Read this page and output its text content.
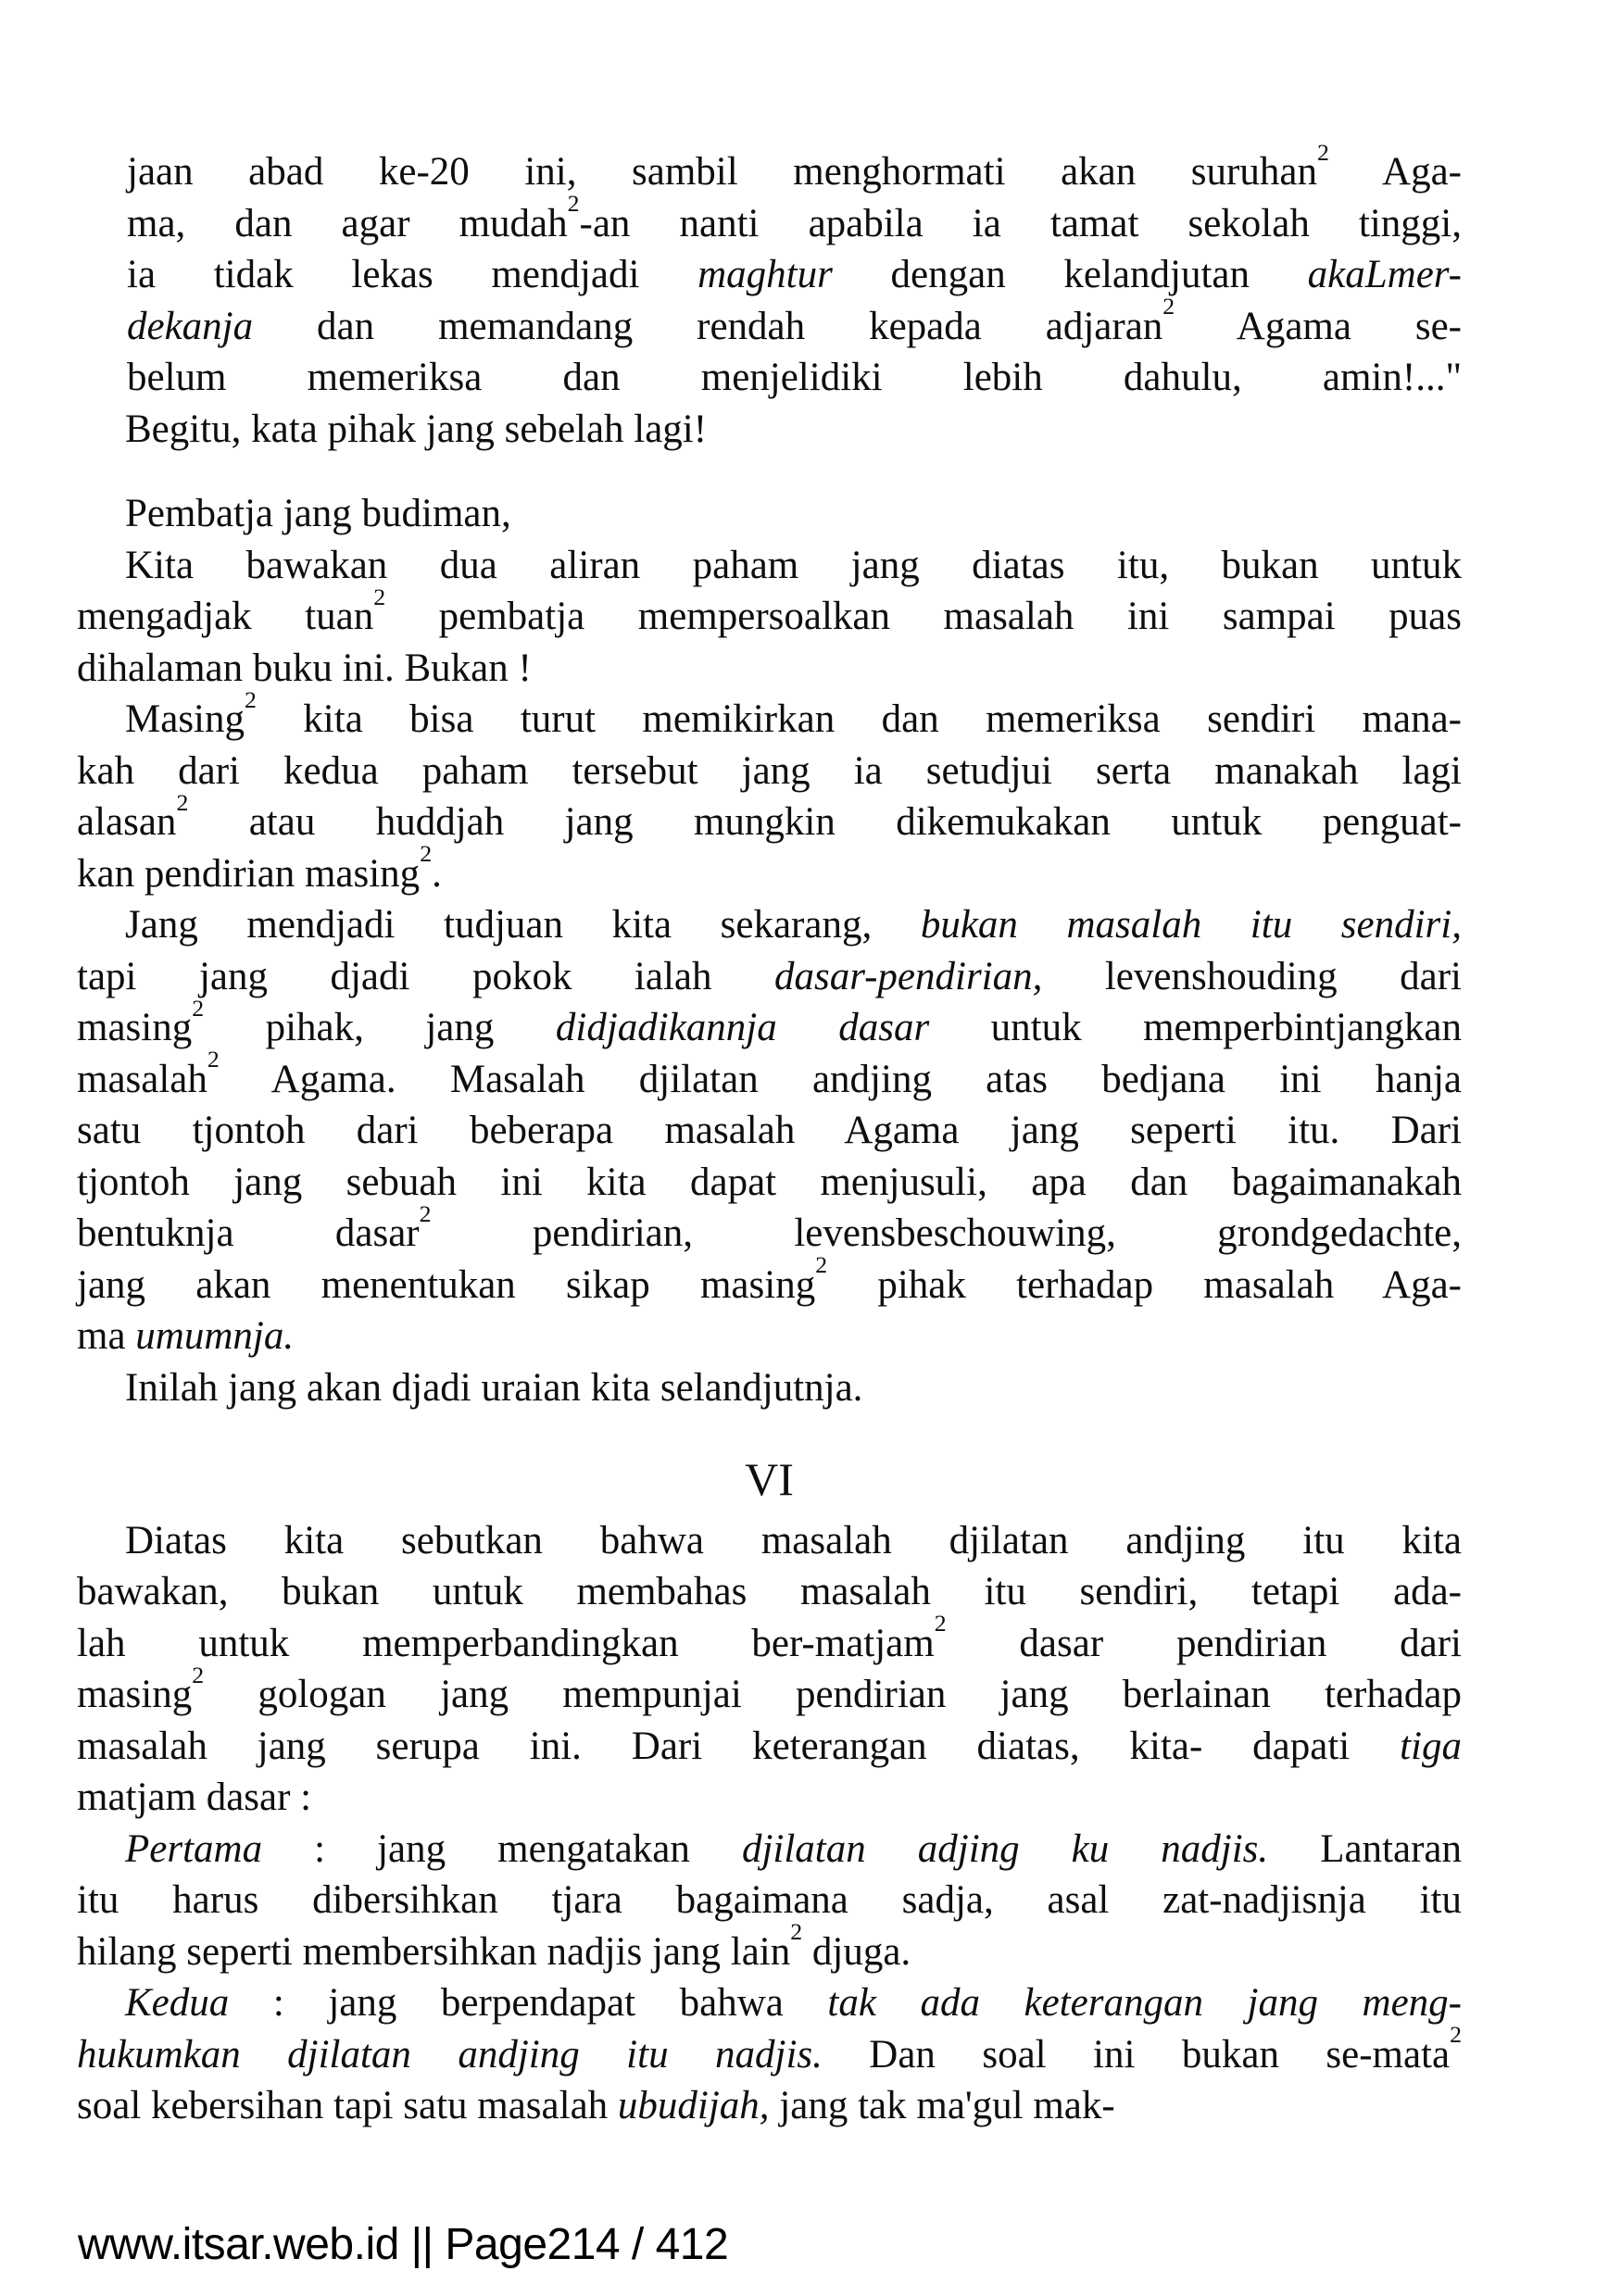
jaan abad ke-20 ini, sambil menghormati akan suruhan$^2$ Aga-
ma, dan agar mudah$^2$-an nanti apabila ia tamat sekolah tinggi,
ia tidak lekas mendjadi maghtur dengan kelandjutan akaLmer-
dekanja dan memandang rendah kepada adjaran$^2$ Agama se-
belum memeriksa dan menjelidiki lebih dahulu, amin!..."
Begitu, kata pihak jang sebelah lagi!
Pembatja jang budiman,
Kita bawakan dua aliran paham jang diatas itu, bukan untuk
mengadjak tuan$^2$ pembatja mempersoalkan masalah ini sampai puas
dihalaman buku ini. Bukan !
Masing$^2$ kita bisa turut memikirkan dan memeriksa sendiri mana-
kah dari kedua paham tersebut jang ia setudjui serta manakah lagi
alasan$^2$ atau huddjah jang mungkin dikemukakan untuk penguat-
kan pendirian masing$^2$.
Jang mendjadi tudjuan kita sekarang, bukan masalah itu sendiri,
tapi jang djadi pokok ialah dasar-pendirian, levenshouding dari
masing$^2$ pihak, jang didjadikannja dasar untuk memperbintjangkan
masalah$^2$ Agama. Masalah djilatan andjing atas bedjana ini hanja
satu tjontoh dari beberapa masalah Agama jang seperti itu. Dari
tjontoh jang sebuah ini kita dapat menjusuli, apa dan bagaimanakah
bentuknja dasar$^2$ pendirian, levensbeschouwing, grondgedachte,
jang akan menentukan sikap masing$^2$ pihak terhadap masalah Aga-
ma umumnja.
Inilah jang akan djadi uraian kita selandjutnja.
VI
Diatas kita sebutkan bahwa masalah djilatan andjing itu kita
bawakan, bukan untuk membahas masalah itu sendiri, tetapi ada-
lah untuk memperbandingkan ber-matjam$^2$ dasar pendirian dari
masing$^2$ gologan jang mempunjai pendirian jang berlainan terhadap
masalah jang serupa ini. Dari keterangan diatas, kita- dapati tiga
matjam dasar :
Pertama : jang mengatakan djilatan adjing ku nadjis. Lantaran
itu harus dibersihkan tjara bagaimana sadja, asal zat-nadjisnja itu
hilang seperti membersihkan nadjis jang lain$^2$ djuga.
Kedua : jang berpendapat bahwa tak ada keterangan jang meng-
hukumkan djilatan andjing itu nadjis. Dan soal ini bukan se-mata$^2$
soal kebersihan tapi satu masalah ubudijah, jang tak ma'gul mak-
www.itsar.web.id || Page214 / 412
